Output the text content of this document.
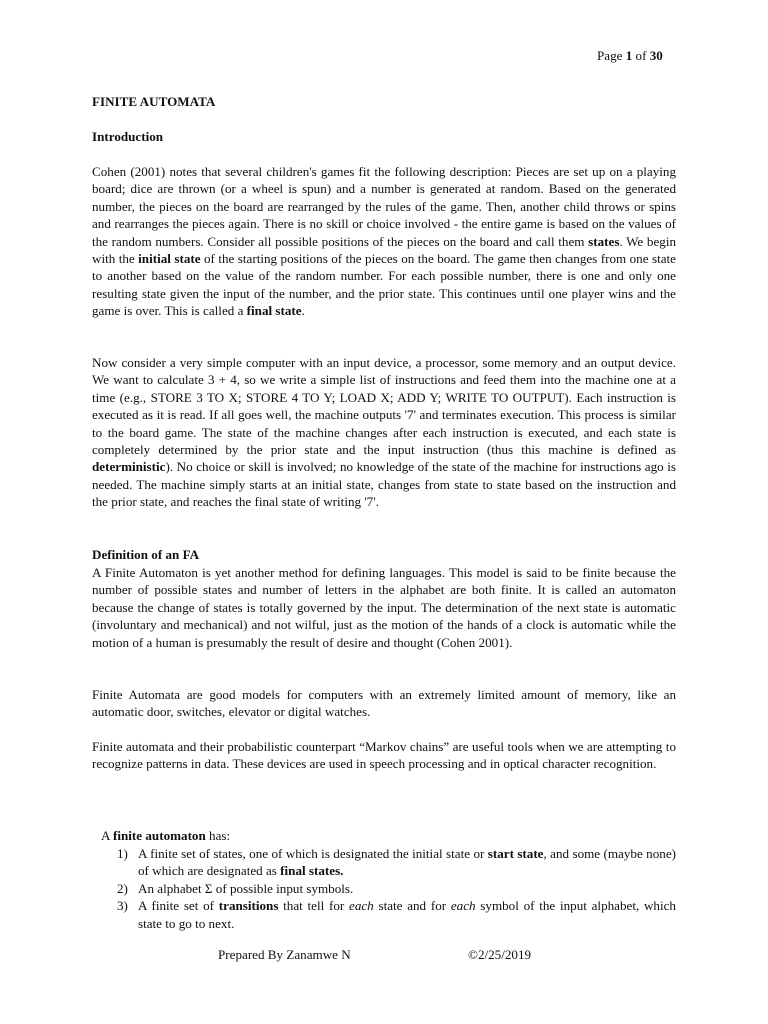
Page 1 of 30
FINITE AUTOMATA
Introduction

Cohen (2001) notes that several children's games fit the following description: Pieces are set up on a playing board; dice are thrown (or a wheel is spun) and a number is generated at random. Based on the generated number, the pieces on the board are rearranged by the rules of the game. Then, another child throws or spins and rearranges the pieces again. There is no skill or choice involved - the entire game is based on the values of the random numbers. Consider all possible positions of the pieces on the board and call them states. We begin with the initial state of the starting positions of the pieces on the board. The game then changes from one state to another based on the value of the random number. For each possible number, there is one and only one resulting state given the input of the number, and the prior state. This continues until one player wins and the game is over. This is called a final state.

Now consider a very simple computer with an input device, a processor, some memory and an output device. We want to calculate 3 + 4, so we write a simple list of instructions and feed them into the machine one at a time (e.g., STORE 3 TO X; STORE 4 TO Y; LOAD X; ADD Y; WRITE TO OUTPUT). Each instruction is executed as it is read. If all goes well, the machine outputs '7' and terminates execution. This process is similar to the board game. The state of the machine changes after each instruction is executed, and each state is completely determined by the prior state and the input instruction (thus this machine is defined as deterministic). No choice or skill is involved; no knowledge of the state of the machine for instructions ago is needed. The machine simply starts at an initial state, changes from state to state based on the instruction and the prior state, and reaches the final state of writing '7'.

Definition of an FA

A Finite Automaton is yet another method for defining languages. This model is said to be finite because the number of possible states and number of letters in the alphabet are both finite. It is called an automaton because the change of states is totally governed by the input. The determination of the next state is automatic (involuntary and mechanical) and not wilful, just as the motion of the hands of a clock is automatic while the motion of a human is presumably the result of desire and thought (Cohen 2001).

Finite Automata are good models for computers with an extremely limited amount of memory, like an automatic door, switches, elevator or digital watches.

Finite automata and their probabilistic counterpart “Markov chains” are useful tools when we are attempting to recognize patterns in data. These devices are used in speech processing and in optical character recognition.

A finite automaton has:
1) A finite set of states, one of which is designated the initial state or start state, and some (maybe none) of which are designated as final states.
2) An alphabet Σ of possible input symbols.
3) A finite set of transitions that tell for each state and for each symbol of the input alphabet, which state to go to next.
Prepared By Zanamwe N	©2/25/2019
